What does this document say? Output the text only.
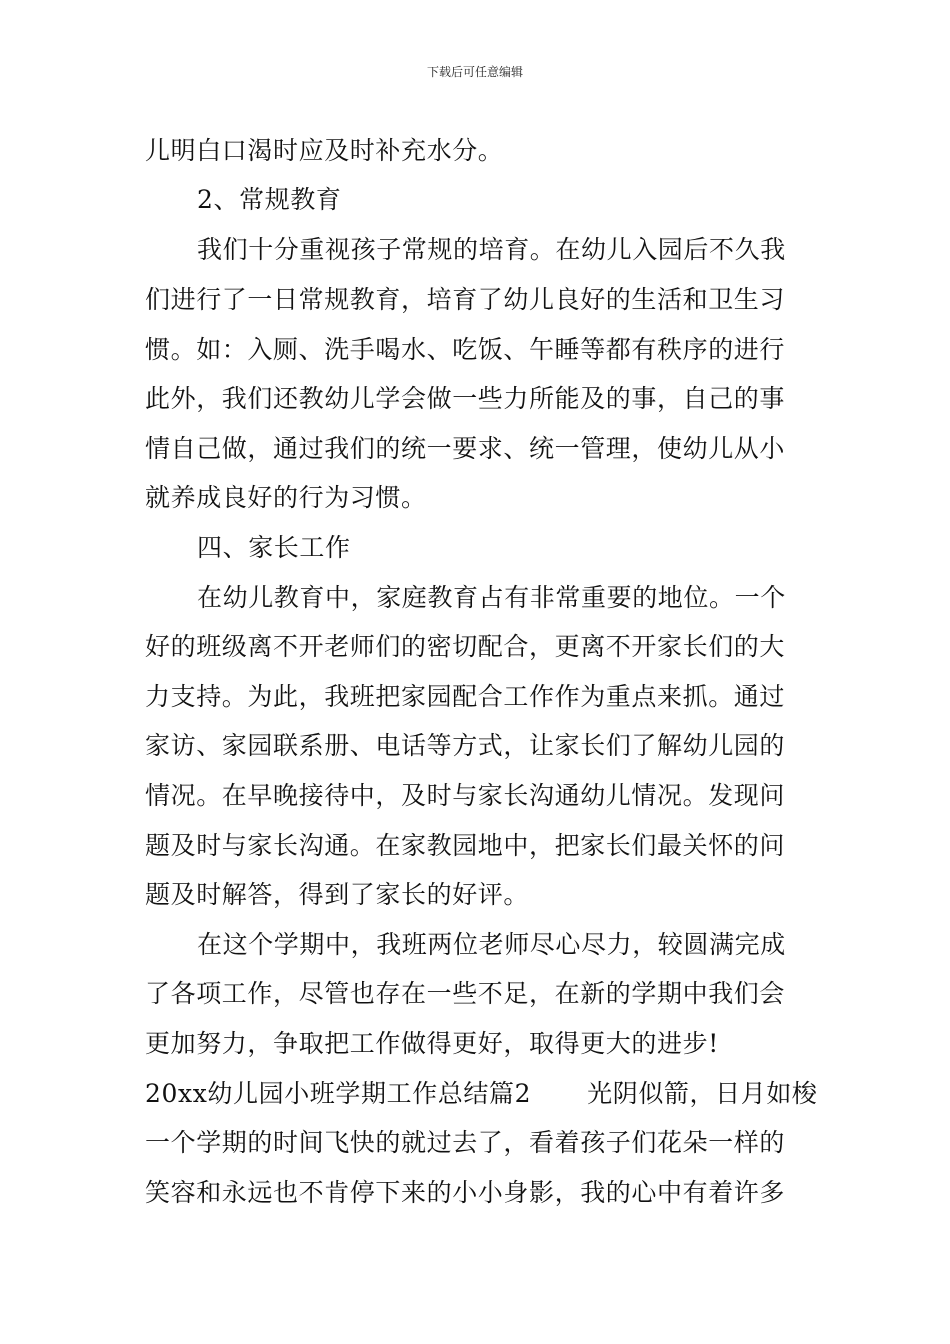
下载后可任意编辑
儿明白口渴时应及时补充水分。
2、常规教育
我们十分重视孩子常规的培育。在幼儿入园后不久我
们进行了一日常规教育，培育了幼儿良好的生活和卫生习
惯。如：入厕、洗手喝水、吃饭、午睡等都有秩序的进行
此外，我们还教幼儿学会做一些力所能及的事，自己的事
情自己做，通过我们的统一要求、统一管理，使幼儿从小
就养成良好的行为习惯。
四、家长工作
在幼儿教育中，家庭教育占有非常重要的地位。一个
好的班级离不开老师们的密切配合，更离不开家长们的大
力支持。为此，我班把家园配合工作作为重点来抓。通过
家访、家园联系册、电话等方式，让家长们了解幼儿园的
情况。在早晚接待中，及时与家长沟通幼儿情况。发现问
题及时与家长沟通。在家教园地中，把家长们最关怀的问
题及时解答，得到了家长的好评。
在这个学期中，我班两位老师尽心尽力，较圆满完成
了各项工作，尽管也存在一些不足，在新的学期中我们会
更加努力，争取把工作做得更好，取得更大的进步!
20xx幼儿园小班学期工作总结篇2 光阴似箭，日月如梭
一个学期的时间飞快的就过去了，看着孩子们花朵一样的
笑容和永远也不肯停下来的小小身影，我的心中有着许多
